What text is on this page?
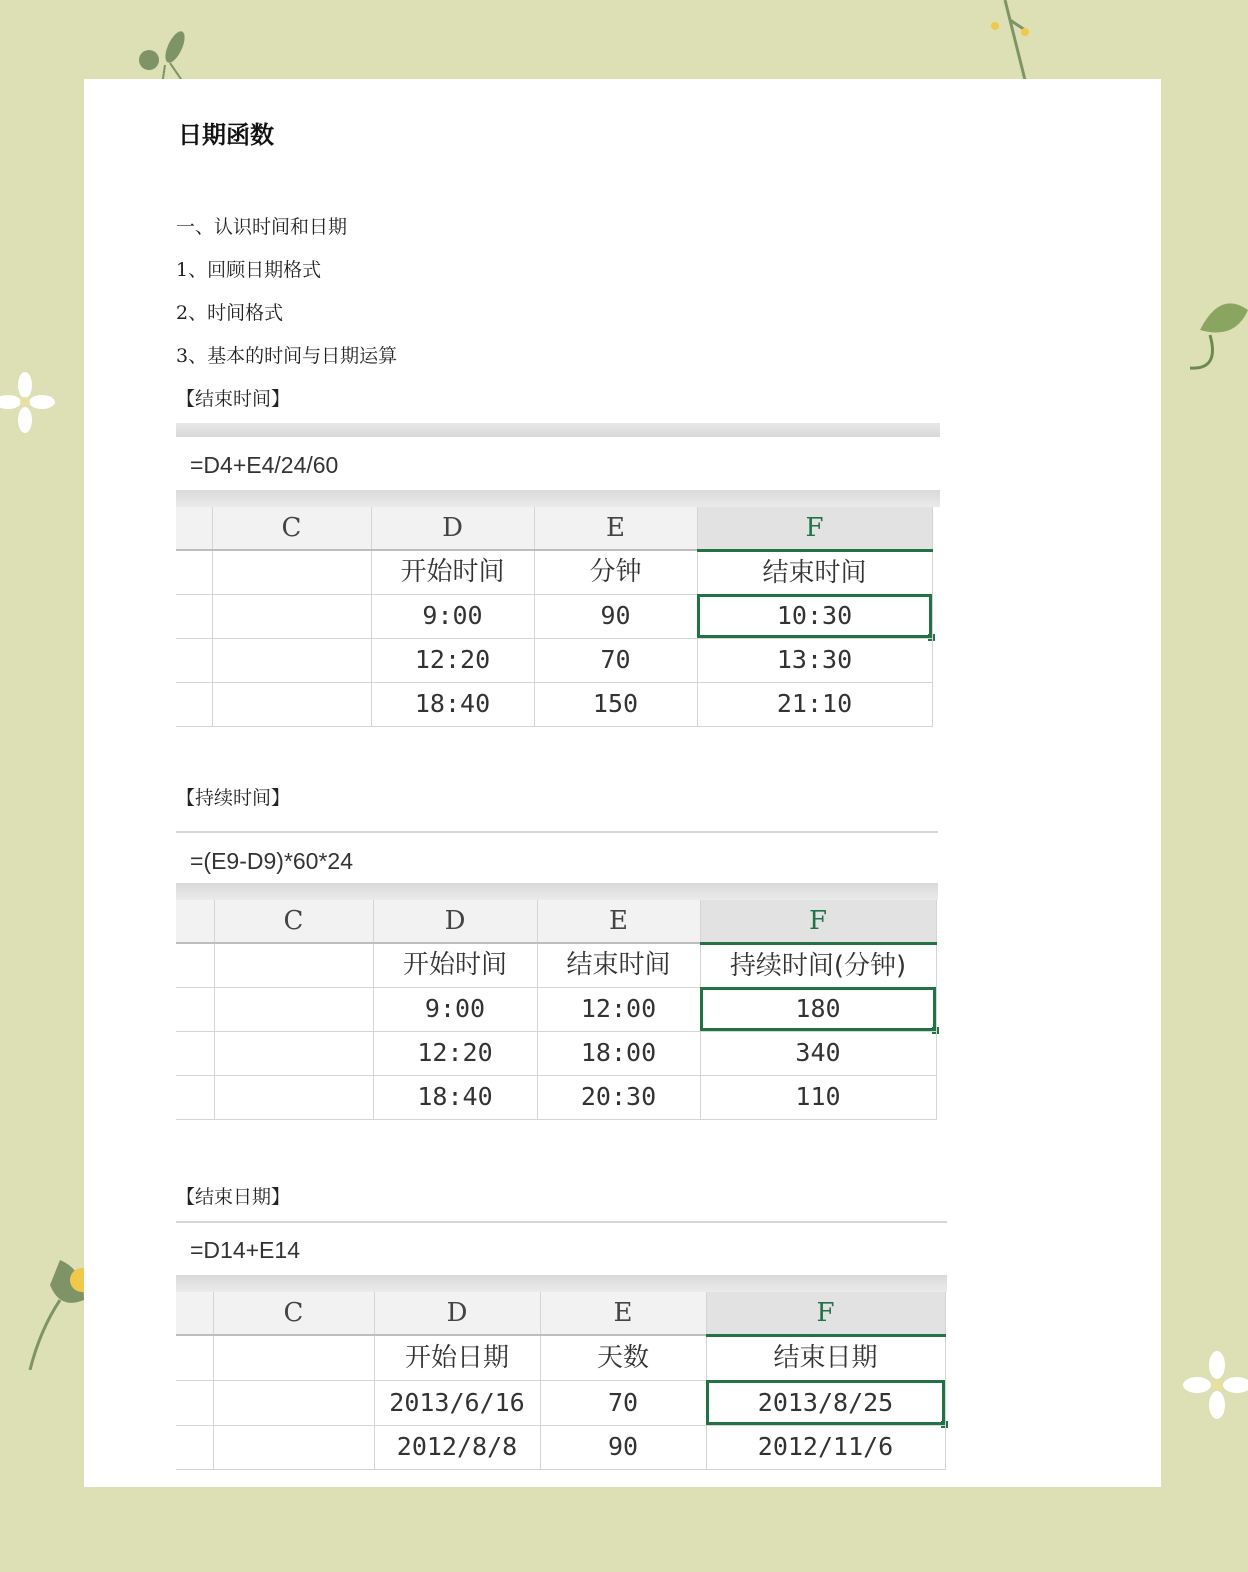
日期函数
一、认识时间和日期
1、回顾日期格式
2、时间格式
3、基本的时间与日期运算
【结束时间】
【持续时间】
【结束日期】
=D4+E4/24/60
	C	D	E	F
		开始时间	分钟	结束时间
		9:00	90	10:30
		12:20	70	13:30
		18:40	150	21:10
=(E9-D9)*60*24
	C	D	E	F
		开始时间	结束时间	持续时间(分钟)
		9:00	12:00	180
		12:20	18:00	340
		18:40	20:30	110
=D14+E14
	C	D	E	F
		开始日期	天数	结束日期
		2013/6/16	70	2013/8/25
		2012/8/8	90	2012/11/6
